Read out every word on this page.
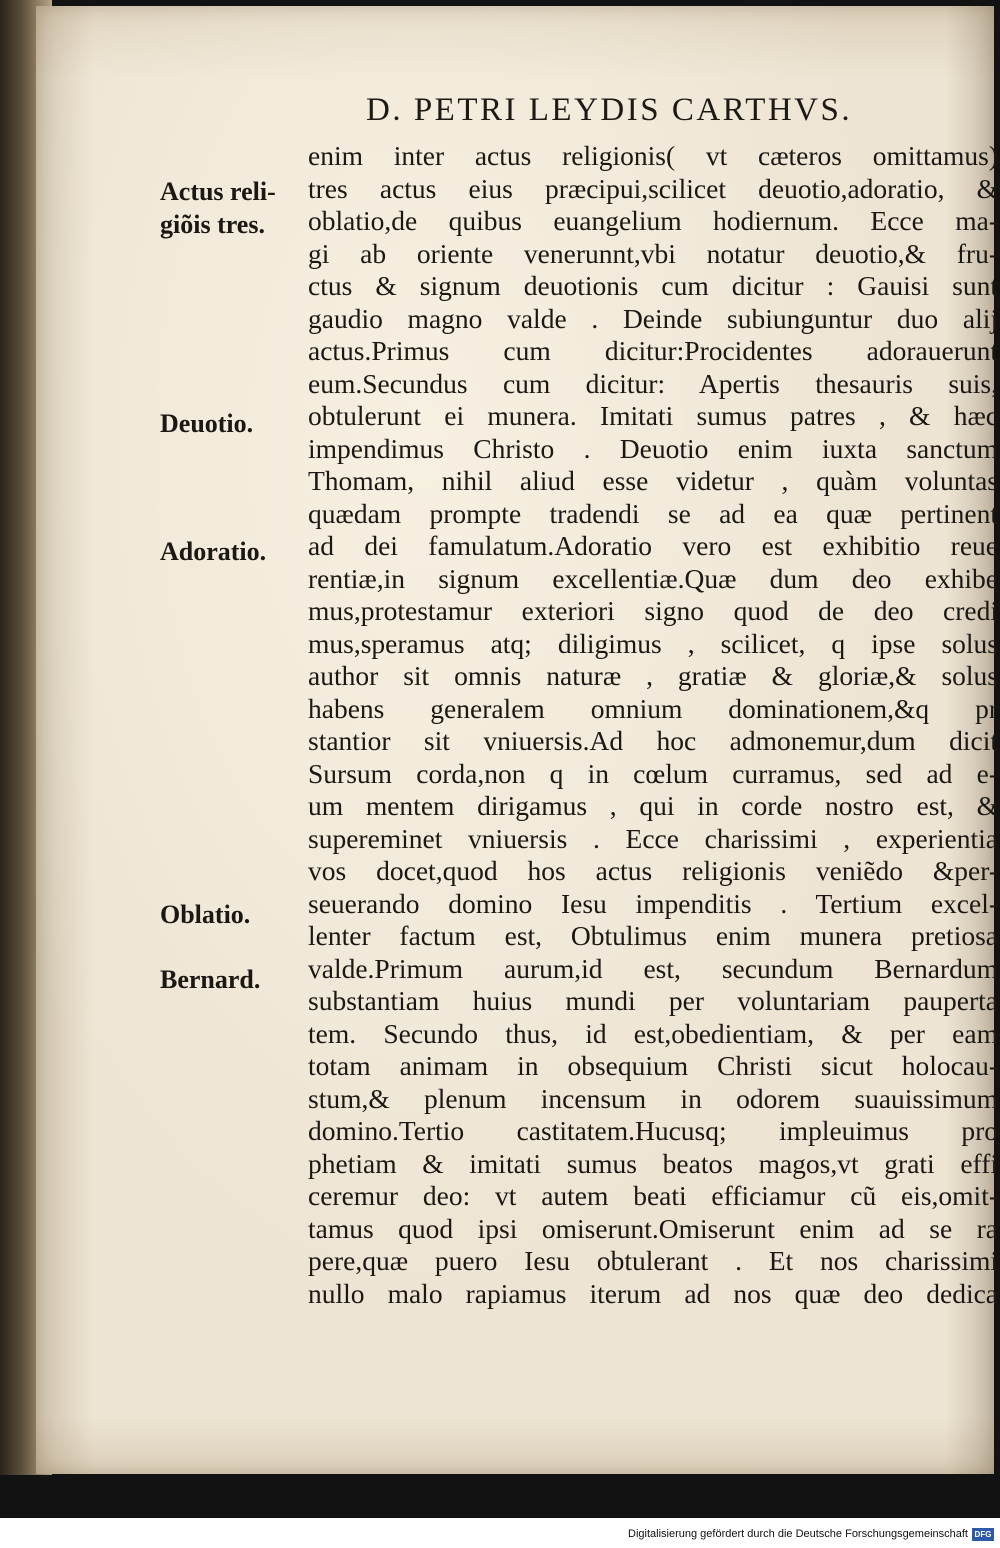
D. PETRI LEYDIS CARTHVS.
Actus reli-
giõis tres.
Deuotio.
Adoratio.
Oblatio.
Bernard.
enim inter actus religionis( vt cæteros omittamus)
tres actus eius præcipui,scilicet deuotio,adoratio, &
oblatio,de quibus euangelium hodiernum. Ecce ma-
gi ab oriente venerunnt,vbi notatur deuotio,& fru-
ctus & signum deuotionis cum dicitur : Gauisi sunt
gaudio magno valde . Deinde subiunguntur duo alij
actus.Primus cum dicitur:Procidentes adorauerunt
eum.Secundus cum dicitur: Apertis thesauris suis,
obtulerunt ei munera. Imitati sumus patres , & hæc
impendimus Christo . Deuotio enim iuxta sanctum
Thomam, nihil aliud esse videtur , quàm voluntas
quædam prompte tradendi se ad ea quæ pertinent
ad dei famulatum.Adoratio vero est exhibitio reue
rentiæ,in signum excellentiæ.Quæ dum deo exhibe
mus,protestamur exteriori signo quod de deo credi
mus,speramus atq; diligimus , scilicet, q ipse solus
author sit omnis naturæ , gratiæ & gloriæ,& solus
habens generalem omnium dominationem,&q pr
stantior sit vniuersis.Ad hoc admonemur,dum dicit
Sursum corda,non q in cœlum curramus, sed ad e-
um mentem dirigamus , qui in corde nostro est, &
supereminet vniuersis . Ecce charissimi , experientia
vos docet,quod hos actus religionis veniẽdo &per-
seuerando domino Iesu impenditis . Tertium excel-
lenter factum est, Obtulimus enim munera pretiosa
valde.Primum aurum,id est, secundum Bernardum
substantiam huius mundi per voluntariam pauperta
tem. Secundo thus, id est,obedientiam, & per eam
totam animam in obsequium Christi sicut holocau-
stum,& plenum incensum in odorem suauissimum
domino.Tertio castitatem.Hucusq; impleuimus pro
phetiam & imitati sumus beatos magos,vt grati effi
ceremur deo: vt autem beati efficiamur cũ eis,omit-
tamus quod ipsi omiserunt.Omiserunt enim ad se ra
pere,quæ puero Iesu obtulerant . Et nos charissimi
nullo malo rapiamus iterum ad nos quæ deo dedica
Digitalisierung gefördert durch die Deutsche Forschungsgemeinschaft DFG
